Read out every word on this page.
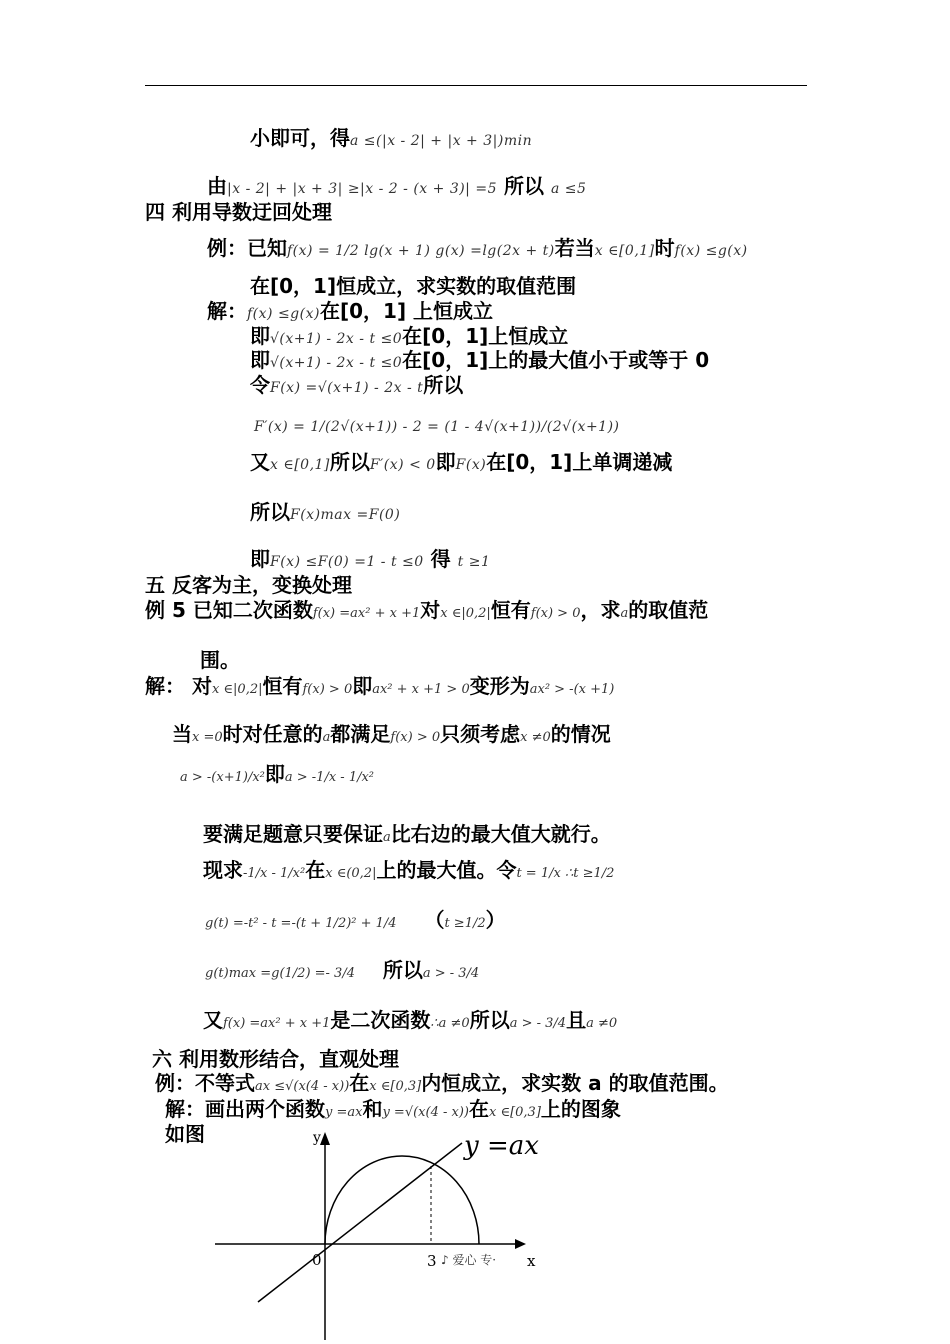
小即可，得a ≤(|x - 2| + |x + 3|)min
由|x - 2| + |x + 3| ≥|x - 2 - (x + 3)| =5 所以 a ≤5
四 利用导数迂回处理
例：已知f(x) = 1/2 lg(x + 1) g(x) =lg(2x + t)若当x ∈[0,1]时f(x) ≤g(x)
在[0，1]恒成立，求实数的取值范围
解：f(x) ≤g(x)在[0，1] 上恒成立
即√(x+1) - 2x - t ≤0在[0，1]上恒成立
即√(x+1) - 2x - t ≤0在[0，1]上的最大值小于或等于 0
令F(x) =√(x+1) - 2x - t所以
F′(x) = 1/(2√(x+1)) - 2 = (1 - 4√(x+1))/(2√(x+1))
又x ∈[0,1]所以F′(x) < 0即F(x)在[0，1]上单调递减
所以F(x)max =F(0)
即F(x) ≤F(0) =1 - t ≤0 得 t ≥1
五 反客为主，变换处理
例 5 已知二次函数f(x) =ax² + x +1对x ∈|0,2|恒有f(x) > 0，求a的取值范
围。
解： 对x ∈|0,2|恒有f(x) > 0即ax² + x +1 > 0变形为ax² > -(x +1)
当x =0时对任意的a都满足f(x) > 0只须考虑x ≠0的情况
a > -(x+1)/x²即a > -1/x - 1/x²
要满足题意只要保证a比右边的最大值大就行。
现求-1/x - 1/x²在x ∈(0,2|上的最大值。令t = 1/x ∴t ≥1/2
g(t) =-t² - t =-(t + 1/2)² + 1/4 （t ≥1/2）
g(t)max =g(1/2) =- 3/4 所以a > - 3/4
又f(x) =ax² + x +1是二次函数∴a ≠0所以a > - 3/4且a ≠0
六 利用数形结合，直观处理
例：不等式ax ≤√(x(4 - x))在x ∈[0,3]内恒成立，求实数 a 的取值范围。
解：画出两个函数y =ax和y =√(x(4 - x))在x ∈[0,3]上的图象
如图	y
x
0	3
y =ax
♪ 爱心 专·
